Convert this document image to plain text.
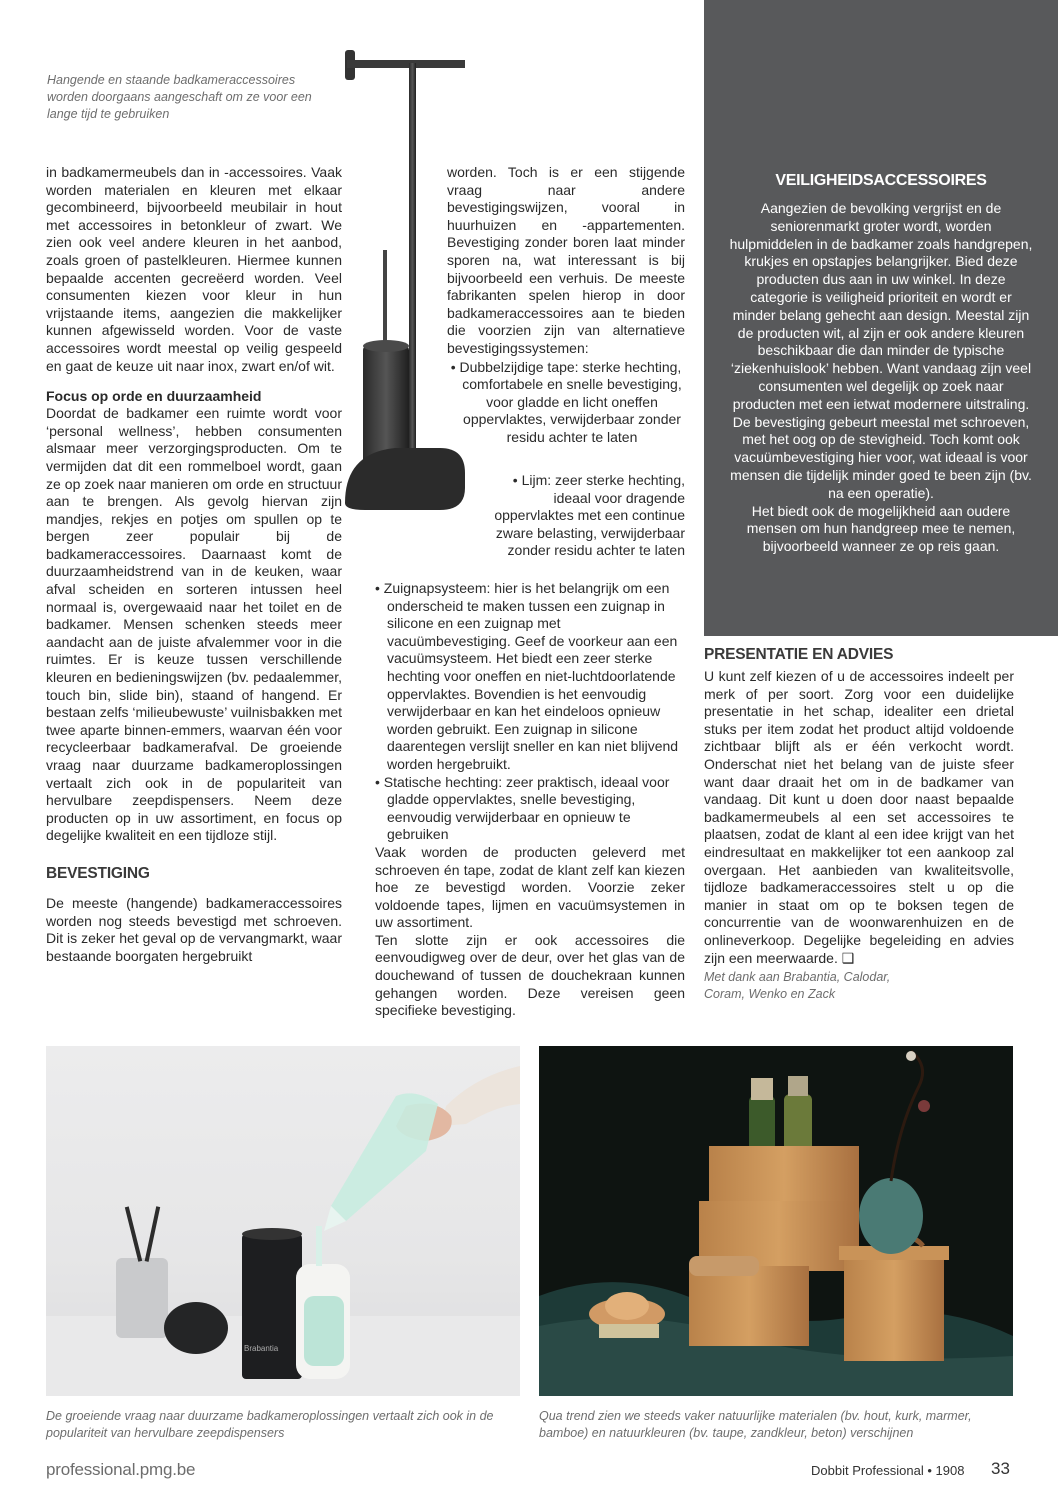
Hangende en staande badkameraccessoires worden doorgaans aangeschaft om ze voor een lange tijd te gebruiken

in badkamermeubels dan in -accessoires. Vaak worden materialen en kleuren met elkaar gecombineerd, bijvoorbeeld meubilair in hout met accessoires in betonkleur of zwart. We zien ook veel andere kleuren in het aanbod, zoals groen of pastelkleuren. Hiermee kunnen bepaalde accenten gecreëerd worden. Veel consumenten kiezen voor kleur in hun vrijstaande items, aangezien die makkelijker kunnen afgewisseld worden. Voor de vaste accessoires wordt meestal op veilig gespeeld en gaat de keuze uit naar inox, zwart en/of wit.

Focus op orde en duurzaamheid

Doordat de badkamer een ruimte wordt voor ‘personal wellness’, hebben consumenten alsmaar meer verzorgingsproducten. Om te vermijden dat dit een rommelboel wordt, gaan ze op zoek naar manieren om orde en structuur aan te brengen. Als gevolg hiervan zijn mandjes, rekjes en potjes om spullen op te bergen zeer populair bij de badkameraccessoires. Daarnaast komt de duurzaamheidstrend van in de keuken, waar afval scheiden en sorteren intussen heel normaal is, overgewaaid naar het toilet en de badkamer. Mensen schenken steeds meer aandacht aan de juiste afvalemmer voor in die ruimtes. Er is keuze tussen verschillende kleuren en bedieningswijzen (bv. pedaalemmer, touch bin, slide bin), staand of hangend. Er bestaan zelfs ‘milieubewuste’ vuilnisbakken met twee aparte binnen-emmers, waarvan één voor recycleerbaar badkamerafval. De groeiende vraag naar duurzame badkameroplossingen vertaalt zich ook in de populariteit van hervulbare zeepdispensers. Neem deze producten op in uw assortiment, en focus op degelijke kwaliteit en een tijdloze stijl.

BEVESTIGING

De meeste (hangende) badkameraccessoires worden nog steeds bevestigd met schroeven. Dit is zeker het geval op de vervangmarkt, waar bestaande boorgaten hergebruikt

worden. Toch is er een stijgende vraag naar andere bevestigingswijzen, vooral in huurhuizen en -appartementen. Bevestiging zonder boren laat minder sporen na, wat interessant is bij bijvoorbeeld een verhuis. De meeste fabrikanten spelen hierop in door badkameraccessoires aan te bieden die voorzien zijn van alternatieve bevestigingssystemen:

• Dubbelzijdige tape: sterke hechting, comfortabele en snelle bevestiging, voor gladde en licht oneffen oppervlaktes, verwijderbaar zonder residu achter te laten
• Lijm: zeer sterke hechting, ideaal voor dragende oppervlaktes met een continue zware belasting, verwijderbaar zonder residu achter te laten
• Zuignapsysteem: hier is het belangrijk om een onderscheid te maken tussen een zuignap in silicone en een zuignap met vacuümbevestiging. Geef de voorkeur aan een vacuümsysteem. Het biedt een zeer sterke hechting voor oneffen en niet-luchtdoorlatende oppervlaktes. Bovendien is het eenvoudig verwijderbaar en kan het eindeloos opnieuw worden gebruikt. Een zuignap in silicone daarentegen verslijt sneller en kan niet blijvend worden hergebruikt.
• Statische hechting: zeer praktisch, ideaal voor gladde oppervlaktes, snelle bevestiging, eenvoudig verwijderbaar en opnieuw te gebruiken

Vaak worden de producten geleverd met schroeven én tape, zodat de klant zelf kan kiezen hoe ze bevestigd worden. Voorzie zeker voldoende tapes, lijmen en vacuümsystemen in uw assortiment.

Ten slotte zijn er ook accessoires die eenvoudigweg over de deur, over het glas van de douchewand of tussen de douchekraan kunnen gehangen worden. Deze vereisen geen specifieke bevestiging.

VEILIGHEIDSACCESSOIRES
Aangezien de bevolking vergrijst en de seniorenmarkt groter wordt, worden hulpmiddelen in de badkamer zoals handgrepen, krukjes en opstapjes belangrijker. Bied deze producten dus aan in uw winkel. In deze categorie is veiligheid prioriteit en wordt er minder belang gehecht aan design. Meestal zijn de producten wit, al zijn er ook andere kleuren beschikbaar die dan minder de typische ‘ziekenhuislook’ hebben. Want vandaag zijn veel consumenten wel degelijk op zoek naar producten met een ietwat modernere uitstraling. De bevestiging gebeurt meestal met schroeven, met het oog op de stevigheid. Toch komt ook vacuümbevestiging hier voor, wat ideaal is voor mensen die tijdelijk minder goed te been zijn (bv. na een operatie).
Het biedt ook de mogelijkheid aan oudere mensen om hun handgreep mee te nemen, bijvoorbeeld wanneer ze op reis gaan.
PRESENTATIE EN ADVIES

U kunt zelf kiezen of u de accessoires indeelt per merk of per soort. Zorg voor een duidelijke presentatie in het schap, idealiter een drietal stuks per item zodat het product altijd voldoende zichtbaar blijft als er één verkocht wordt. Onderschat niet het belang van de juiste sfeer want daar draait het om in de badkamer van vandaag. Dit kunt u doen door naast bepaalde badkamermeubels al een set accessoires te plaatsen, zodat de klant al een idee krijgt van het eindresultaat en makkelijker tot een aankoop zal overgaan. Het aanbieden van kwaliteitsvolle, tijdloze badkameraccessoires stelt u op die manier in staat om op te boksen tegen de concurrentie van de woonwarenhuizen en de onlineverkoop. Degelijke begeleiding en advies zijn een meerwaarde. ❑

Met dank aan Brabantia, Calodar, Coram, Wenko en Zack
Brabantia
De groeiende vraag naar duurzame badkameroplossingen vertaalt zich ook in de populariteit van hervulbare zeepdispensers
Qua trend zien we steeds vaker natuurlijke materialen (bv. hout, kurk, marmer, bamboe) en natuurkleuren (bv. taupe, zandkleur, beton) verschijnen
professional.pmg.be	Dobbit Professional • 1908 33
